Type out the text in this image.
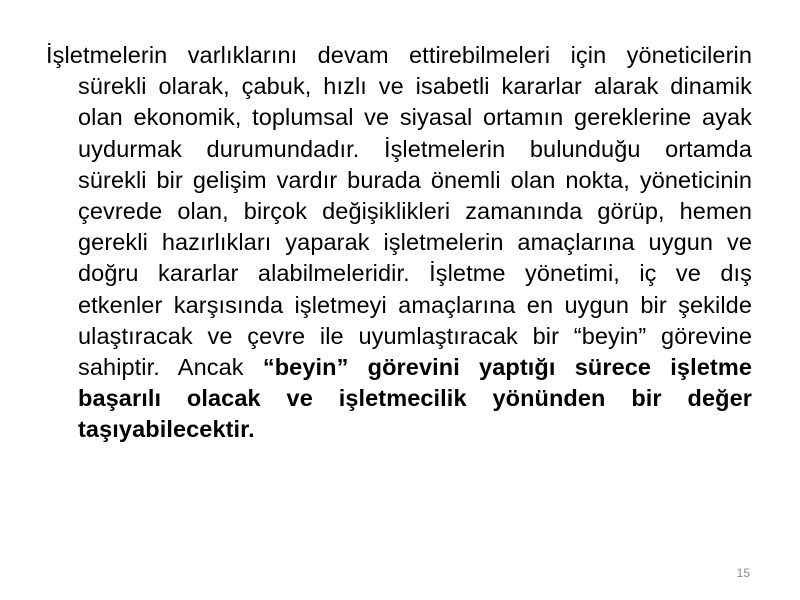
İşletmelerin varlıklarını devam ettirebilmeleri için yöneticilerin sürekli olarak, çabuk, hızlı ve isabetli kararlar alarak dinamik olan ekonomik, toplumsal ve siyasal ortamın gereklerine ayak uydurmak durumundadır. İşletmelerin bulunduğu ortamda sürekli bir gelişim vardır burada önemli olan nokta, yöneticinin çevrede olan, birçok değişiklikleri zamanında görüp, hemen gerekli hazırlıkları yaparak işletmelerin amaçlarına uygun ve doğru kararlar alabilmeleridir. İşletme yönetimi, iç ve dış etkenler karşısında işletmeyi amaçlarına en uygun bir şekilde ulaştıracak ve çevre ile uyumlaştıracak bir “beyin” görevine sahiptir. Ancak “beyin” görevini yaptığı sürece işletme başarılı olacak ve işletmecilik yönünden bir değer taşıyabilecektir.

15
